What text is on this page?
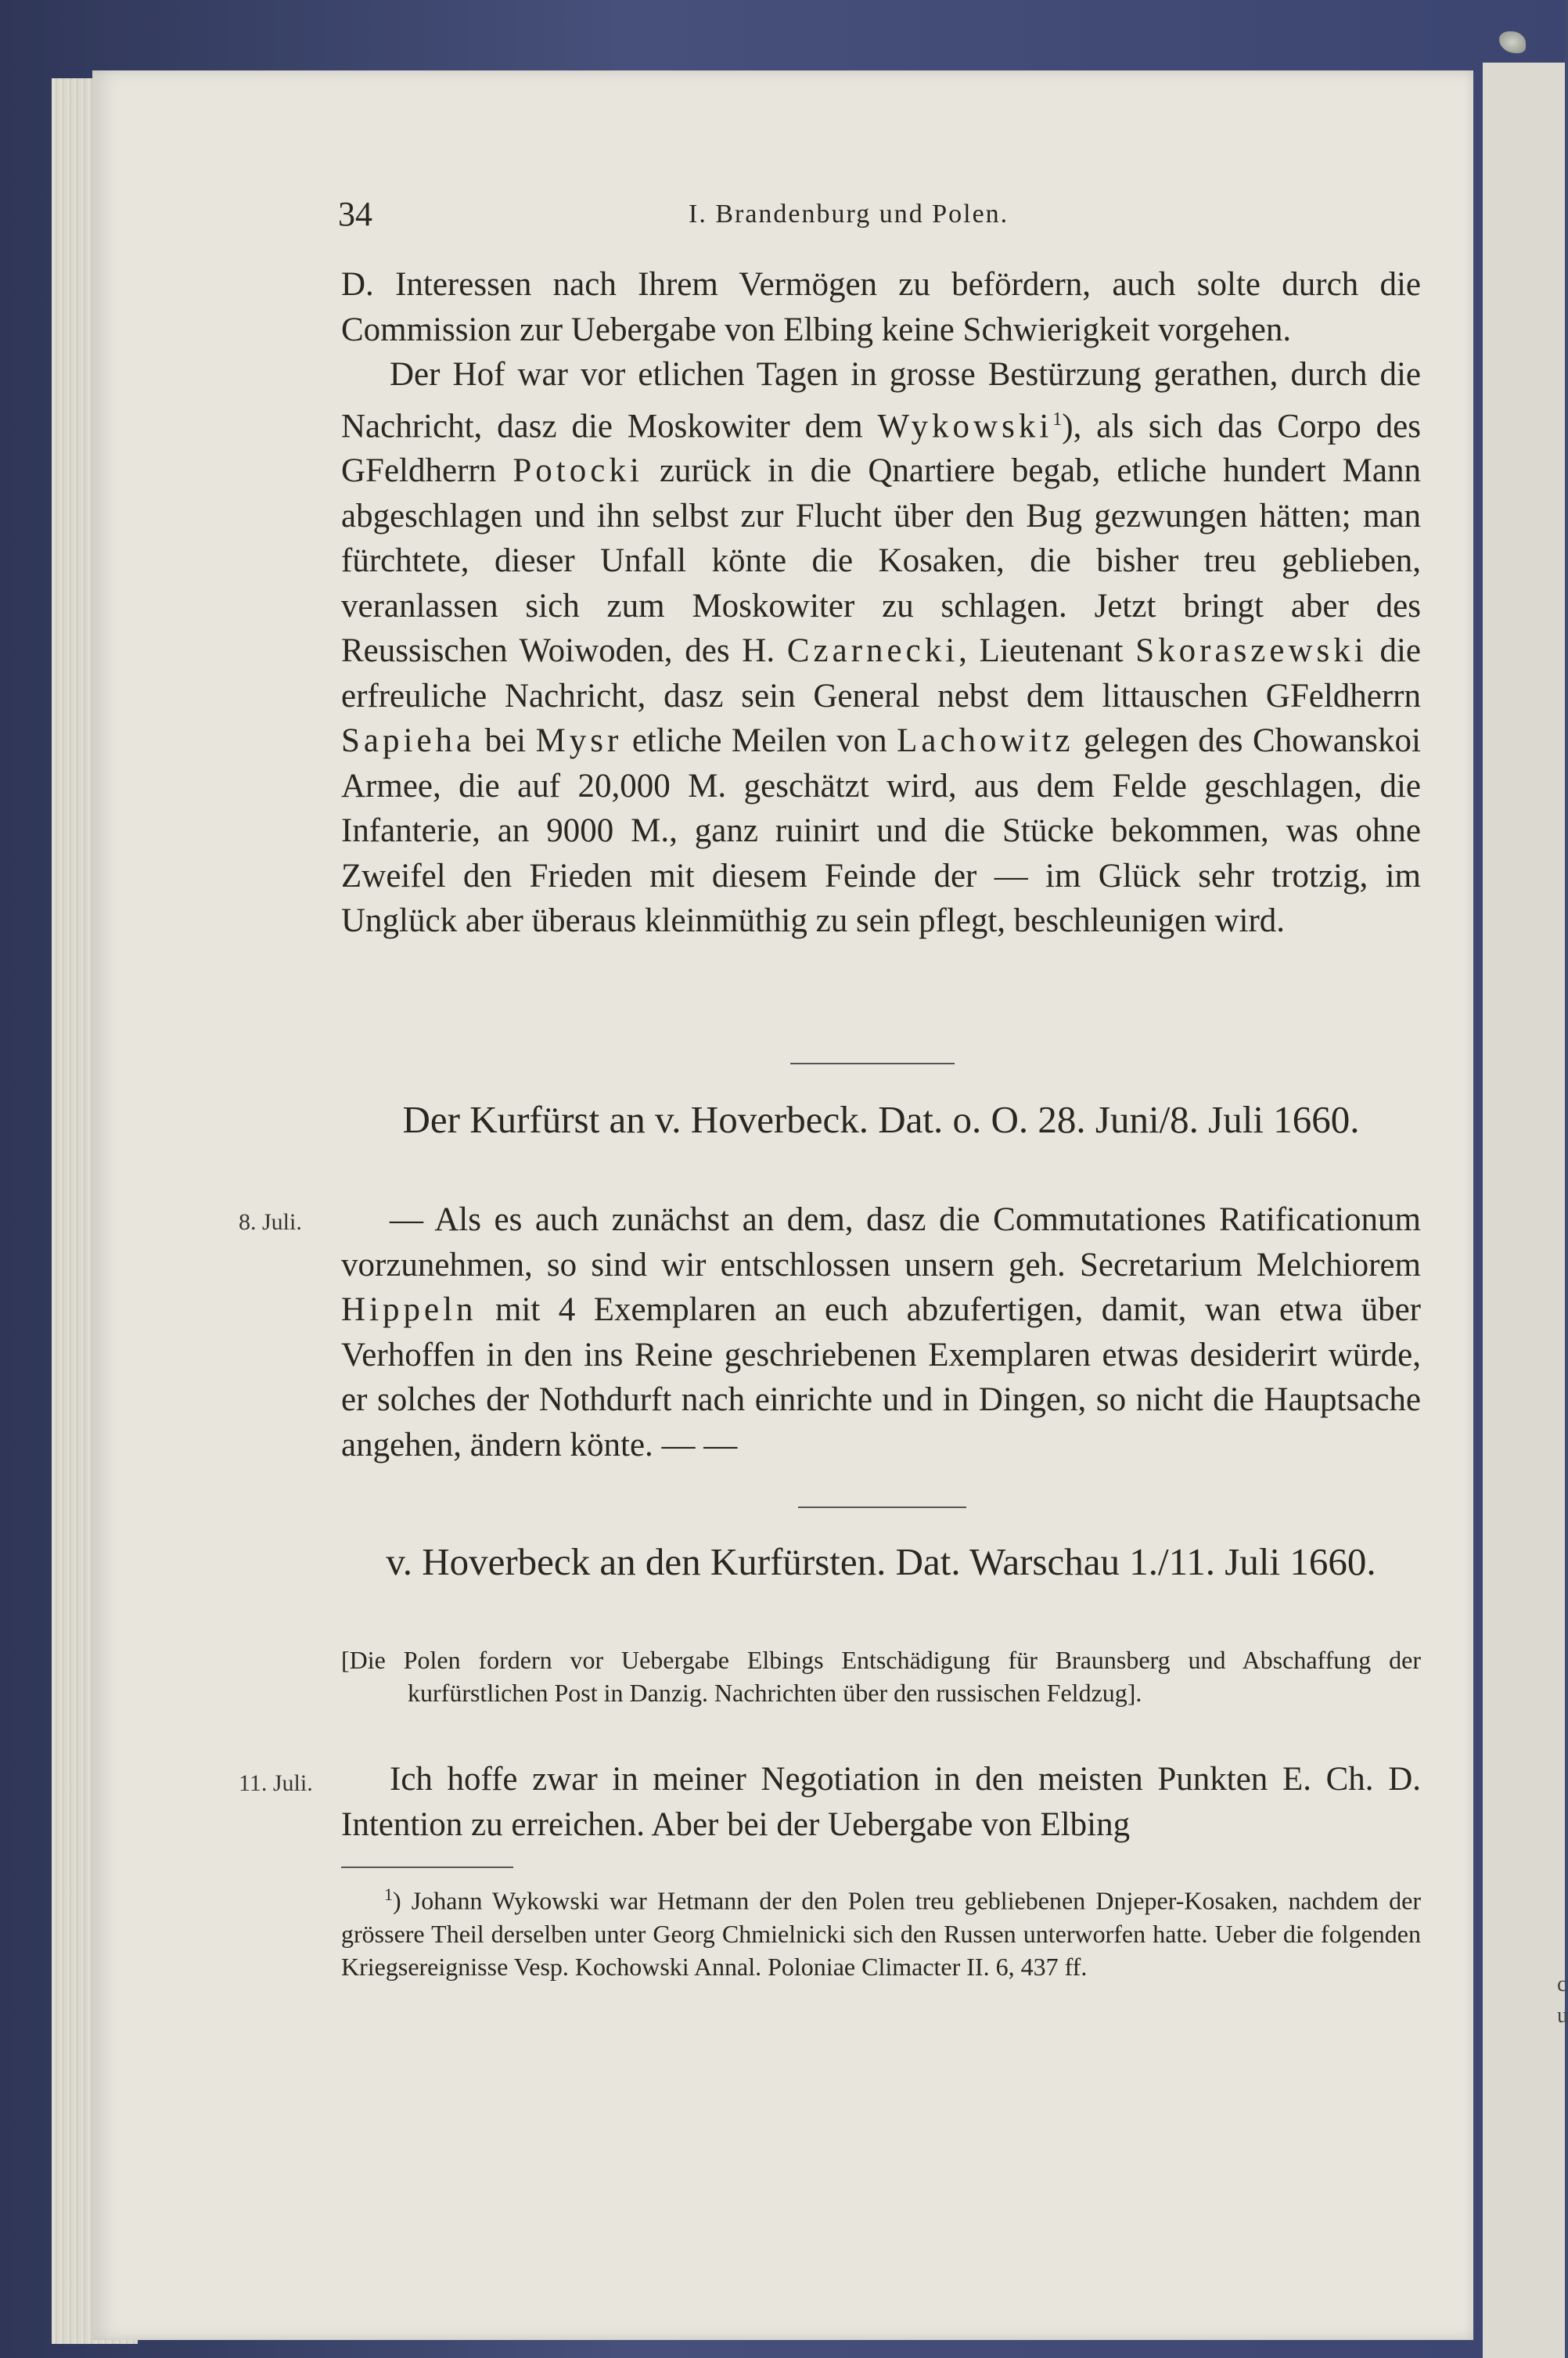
c
u
34	I. Brandenburg und Polen.

D. Interessen nach Ihrem Vermögen zu befördern, auch solte durch die Commission zur Uebergabe von Elbing keine Schwierigkeit vorgehen.

Der Hof war vor etlichen Tagen in grosse Bestürzung gerathen, durch die Nachricht, dasz die Moskowiter dem Wykowski$^1$), als sich das Corpo des GFeldherrn Potocki zurück in die Qnartiere begab, etliche hundert Mann abgeschlagen und ihn selbst zur Flucht über den Bug gezwungen hätten; man fürchtete, dieser Unfall könte die Kosaken, die bisher treu geblieben, veranlassen sich zum Moskowiter zu schlagen. Jetzt bringt aber des Reussischen Woiwoden, des H. Czarnecki, Lieutenant Skoraszewski die erfreuliche Nachricht, dasz sein General nebst dem littauschen GFeldherrn Sapieha bei Mysr etliche Meilen von Lachowitz gelegen des Chowanskoi Armee, die auf 20,000 M. geschätzt wird, aus dem Felde geschlagen, die Infanterie, an 9000 M., ganz ruinirt und die Stücke bekommen, was ohne Zweifel den Frieden mit diesem Feinde der — im Glück sehr trotzig, im Unglück aber überaus kleinmüthig zu sein pflegt, beschleunigen wird.

Der Kurfürst an v. Hoverbeck. Dat. o. O. 28. Juni/8. Juli 1660.
8. Juli.	— Als es auch zunächst an dem, dasz die Commutationes Ratificationum vorzunehmen, so sind wir entschlossen unsern geh. Secretarium Melchiorem Hippeln mit 4 Exemplaren an euch abzufertigen, damit, wan etwa über Verhoffen in den ins Reine geschriebenen Exemplaren etwas desiderirt würde, er solches der Nothdurft nach einrichte und in Dingen, so nicht die Hauptsache angehen, ändern könte. — —

v. Hoverbeck an den Kurfürsten. Dat. Warschau 1./11. Juli 1660.
[Die Polen fordern vor Uebergabe Elbings Entschädigung für Braunsberg und Abschaffung der kurfürstlichen Post in Danzig. Nachrichten über den russischen Feldzug].
11. Juli.	Ich hoffe zwar in meiner Negotiation in den meisten Punkten E. Ch. D. Intention zu erreichen. Aber bei der Uebergabe von Elbing

$^1$) Johann Wykowski war Hetmann der den Polen treu gebliebenen Dnjeper-Kosaken, nachdem der grössere Theil derselben unter Georg Chmielnicki sich den Russen unterworfen hatte. Ueber die folgenden Kriegsereignisse Vesp. Kochowski Annal. Poloniae Climacter II. 6, 437 ff.
